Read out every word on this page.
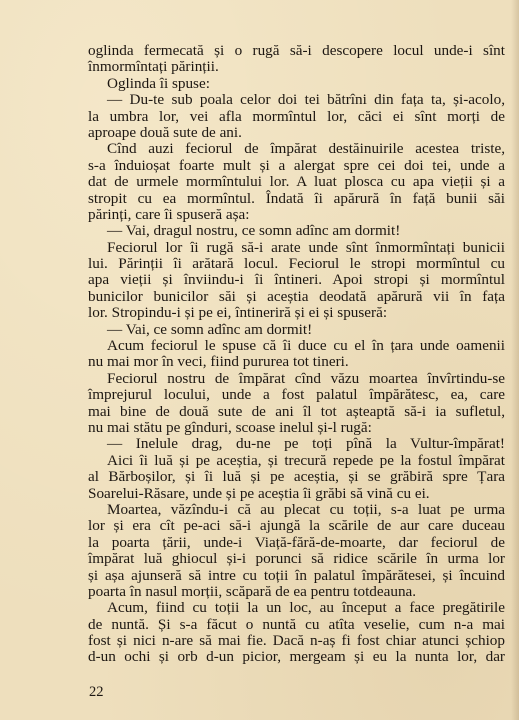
oglinda fermecată și o rugă să-i descopere locul unde-i sînt
înmormîntați părinții.
Oglinda îi spuse:
— Du-te sub poala celor doi tei bătrîni din fața ta, și-acolo,
la umbra lor, vei afla mormîntul lor, căci ei sînt morți de
aproape două sute de ani.
Cînd auzi feciorul de împărat destăinuirile acestea triste,
s-a înduioșat foarte mult și a alergat spre cei doi tei, unde a
dat de urmele mormîntului lor. A luat plosca cu apa vieții și a
stropit cu ea mormîntul. Îndată îi apărură în față bunii săi
părinți, care îi spuseră așa:
— Vai, dragul nostru, ce somn adînc am dormit!
Feciorul lor îi rugă să-i arate unde sînt înmormîntați bunicii
lui. Părinții îi arătară locul. Feciorul le stropi mormîntul cu
apa vieții și înviindu-i îi întineri. Apoi stropi și mormîntul
bunicilor bunicilor săi și aceștia deodată apărură vii în fața
lor. Stropindu-i și pe ei, întineriră și ei și spuseră:
— Vai, ce somn adînc am dormit!
Acum feciorul le spuse că îi duce cu el în țara unde oamenii
nu mai mor în veci, fiind pururea tot tineri.
Feciorul nostru de împărat cînd văzu moartea învîrtindu-se
împrejurul locului, unde a fost palatul împărătesc, ea, care
mai bine de două sute de ani îl tot așteaptă să-i ia sufletul,
nu mai stătu pe gînduri, scoase inelul și-l rugă:
— Inelule drag, du-ne pe toți pînă la Vultur-împărat!
Aici îi luă și pe aceștia, și trecură repede pe la fostul împărat
al Bărboșilor, și îi luă și pe aceștia, și se grăbiră spre Țara
Soarelui-Răsare, unde și pe aceștia îi grăbi să vină cu ei.
Moartea, văzîndu-i că au plecat cu toții, s-a luat pe urma
lor și era cît pe-aci să-i ajungă la scările de aur care duceau
la poarta țării, unde-i Viață-fără-de-moarte, dar feciorul de
împărat luă ghiocul și-i porunci să ridice scările în urma lor
și așa ajunseră să intre cu toții în palatul împărătesei, și încuind
poarta în nasul morții, scăpară de ea pentru totdeauna.
Acum, fiind cu toții la un loc, au început a face pregătirile
de nuntă. Și s-a făcut o nuntă cu atîta veselie, cum n-a mai
fost și nici n-are să mai fie. Dacă n-aș fi fost chiar atunci șchiop
d-un ochi și orb d-un picior, mergeam și eu la nunta lor, dar
22
